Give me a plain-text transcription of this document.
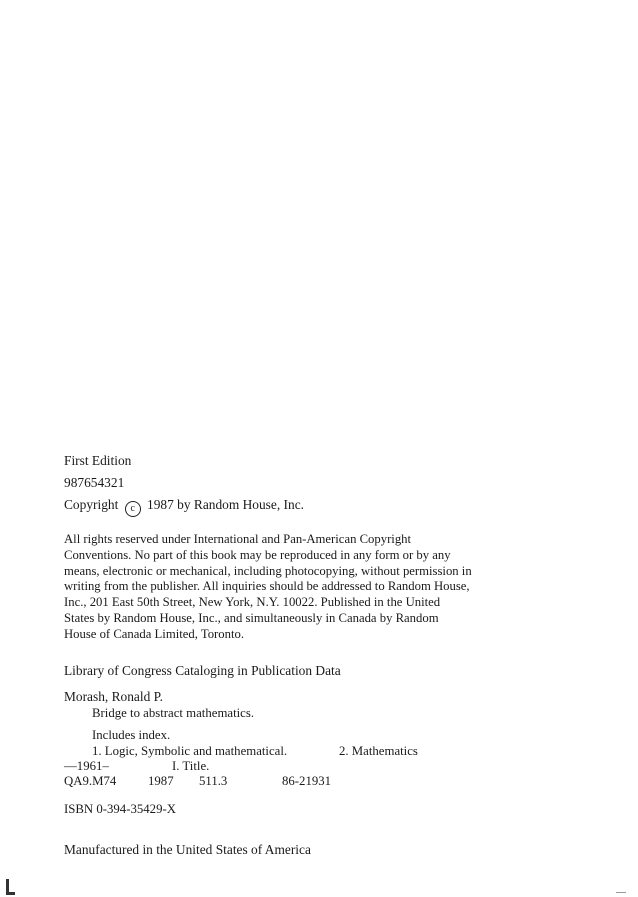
First Edition
987654321
Copyright c 1987 by Random House, Inc.
All rights reserved under International and Pan-American Copyright
Conventions. No part of this book may be reproduced in any form or by any
means, electronic or mechanical, including photocopying, without permission in
writing from the publisher. All inquiries should be addressed to Random House,
Inc., 201 East 50th Street, New York, N.Y. 10022. Published in the United
States by Random House, Inc., and simultaneously in Canada by Random
House of Canada Limited, Toronto.
Library of Congress Cataloging in Publication Data
Morash, Ronald P.
Bridge to abstract mathematics.
Includes index.
1. Logic, Symbolic and mathematical.	2. Mathematics
—1961–	I. Title.
QA9.M74 1987 511.3	86-21931
ISBN 0-394-35429-X
Manufactured in the United States of America
